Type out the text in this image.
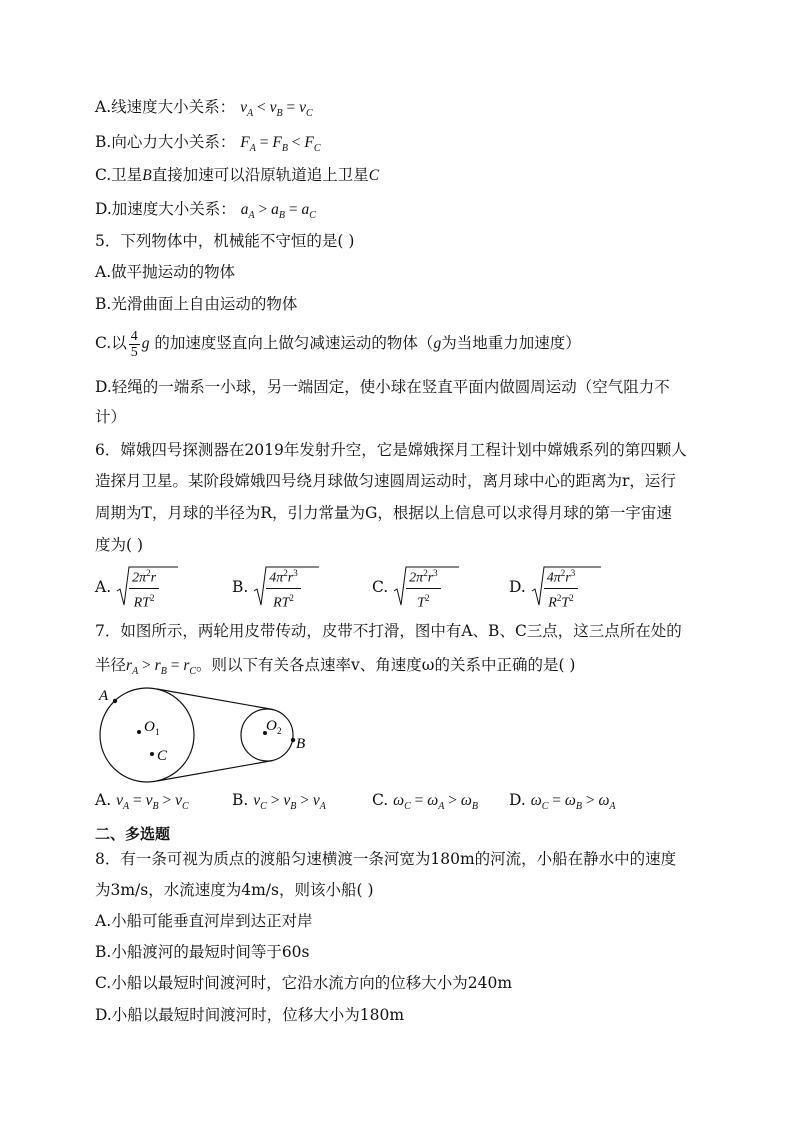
A.线速度大小关系： $v_A < v_B = v_C$
B.向心力大小关系： $F_A = F_B < F_C$
C.卫星B直接加速可以沿原轨道追上卫星C
D.加速度大小关系： $a_A > a_B = a_C$
5．下列物体中，机械能不守恒的是( )
A.做平抛运动的物体
B.光滑曲面上自由运动的物体
C.以 $\frac{4}{5}$ g 的加速度竖直向上做匀减速运动的物体（g为当地重力加速度）
D.轻绳的一端系一小球，另一端固定，使小球在竖直平面内做圆周运动（空气阻力不
计）
6．嫦娥四号探测器在2019年发射升空，它是嫦娥探月工程计划中嫦娥系列的第四颗人
造探月卫星。某阶段嫦娥四号绕月球做匀速圆周运动时，离月球中心的距离为r，运行
周期为T，月球的半径为R，引力常量为G，根据以上信息可以求得月球的第一宇宙速
度为( )
A. $\frac{2\pi^2r}{RT^2}$	B. $\frac{4\pi^2r^3}{RT^2}$	C. $\frac{2\pi^2r^3}{T^2}$	D. $\frac{4\pi^2r^3}{R^2T^2}$
7．如图所示，两轮用皮带传动，皮带不打滑，图中有A、B、C三点，这三点所在处的
半径$r_A > r_B = r_C$。则以下有关各点速率v、角速度ω的关系中正确的是( )
A
O 1
C
O 2
B
A. $v_A = v_B > v_C$	B. $v_C > v_B > v_A$	C. $\omega_C = \omega_A > \omega_B$ D. $\omega_C = \omega_B > \omega_A$
二、多选题
8．有一条可视为质点的渡船匀速横渡一条河宽为180m的河流，小船在静水中的速度
为3m/s，水流速度为4m/s，则该小船( )
A.小船可能垂直河岸到达正对岸
B.小船渡河的最短时间等于60s
C.小船以最短时间渡河时，它沿水流方向的位移大小为240m
D.小船以最短时间渡河时，位移大小为180m
